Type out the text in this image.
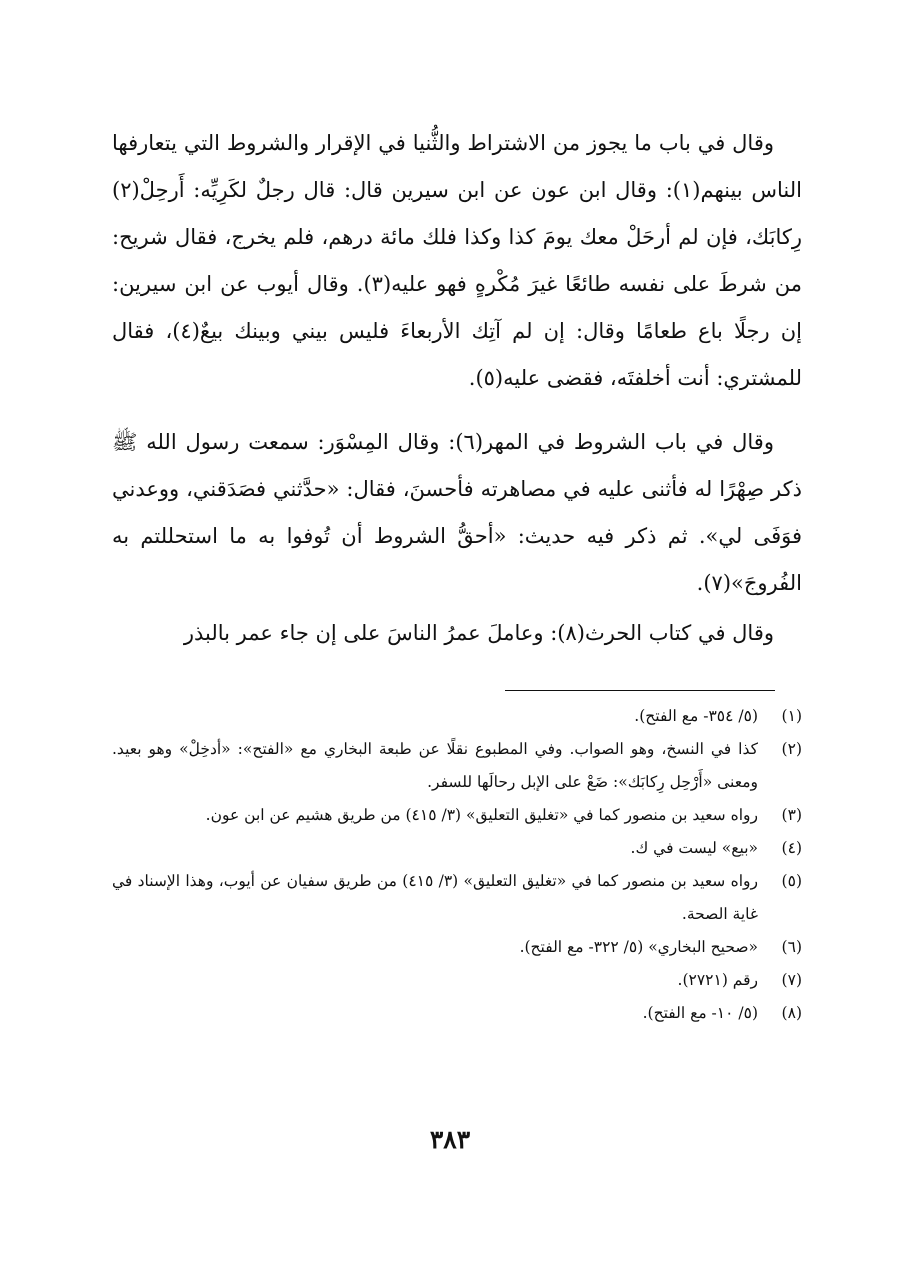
وقال في باب ما يجوز من الاشتراط والثُّنيا في الإقرار والشروط التي يتعارفها الناس بينهم(١): وقال ابن عون عن ابن سيرين قال: قال رجلٌ لكَرِيِّه: أَرحِلْ(٢) رِكابَك، فإن لم أرحَلْ معك يومَ كذا وكذا فلك مائة درهم، فلم يخرج، فقال شريح: من شرطَ على نفسه طائعًا غيرَ مُكْرهٍ فهو عليه(٣). وقال أيوب عن ابن سيرين: إن رجلًا باع طعامًا وقال: إن لم آتِك الأربعاءَ فليس بيني وبينك بيعٌ(٤)، فقال للمشتري: أنت أخلفتَه، فقضى عليه(٥).

وقال في باب الشروط في المهر(٦): وقال المِسْوَر: سمعت رسول الله ﷺ ذكر صِهْرًا له فأثنى عليه في مصاهرته فأحسنَ، فقال: «حدَّثني فصَدَقني، ووعدني فوَفَى لي». ثم ذكر فيه حديث: «أحقُّ الشروط أن تُوفوا به ما استحللتم به الفُروجَ»(٧).

وقال في كتاب الحرث(٨): وعاملَ عمرُ الناسَ على إن جاء عمر بالبذر

(١)
(٥/ ٣٥٤- مع الفتح).
(٢)
كذا في النسخ، وهو الصواب. وفي المطبوع نقلًا عن طبعة البخاري مع «الفتح»: «أدخِلْ» وهو بعيد. ومعنى «أَرْحِل رِكابَك»: ضَعْ على الإبل رحالَها للسفر.
(٣)
رواه سعيد بن منصور كما في «تغليق التعليق» (٣/ ٤١٥) من طريق هشيم عن ابن عون.
(٤)
«بيع» ليست في ك.
(٥)
رواه سعيد بن منصور كما في «تغليق التعليق» (٣/ ٤١٥) من طريق سفيان عن أيوب، وهذا الإسناد في غاية الصحة.
(٦)
«صحيح البخاري» (٥/ ٣٢٢- مع الفتح).
(٧)
رقم (٢٧٢١).
(٨)
(٥/ ١٠- مع الفتح).
٣٨٣
